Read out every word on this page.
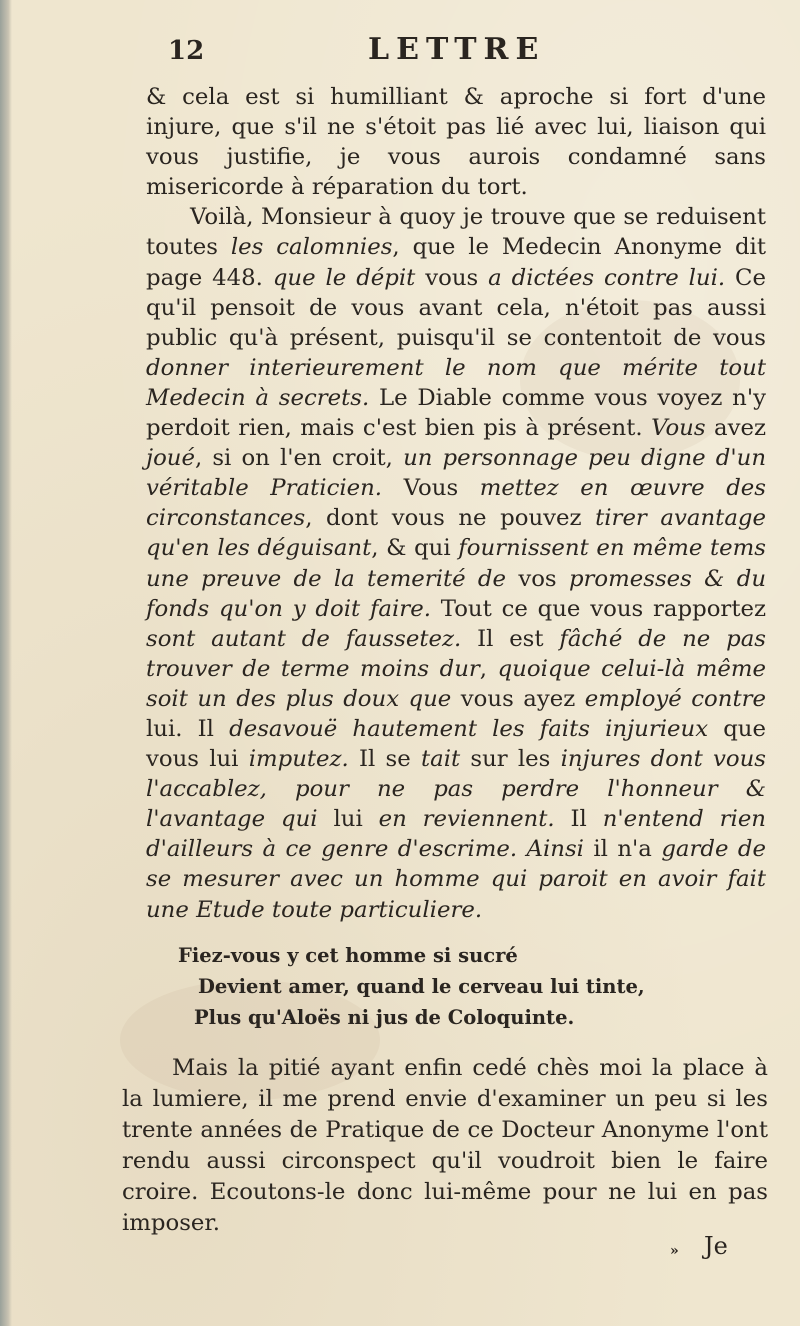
12	LETTRE

& cela est si humilliant & aproche si fort d'une injure, que s'il ne s'étoit pas lié avec lui, liaison qui vous justifie, je vous aurois condamné sans misericorde à réparation du tort.

Voilà, Monsieur à quoy je trouve que se reduisent toutes les calomnies, que le Medecin Anonyme dit page 448. que le dépit vous a dictées contre lui. Ce qu'il pensoit de vous avant cela, n'étoit pas aussi public qu'à présent, puisqu'il se contentoit de vous donner interieurement le nom que mérite tout Medecin à secrets. Le Diable comme vous voyez n'y perdoit rien, mais c'est bien pis à présent. Vous avez joué, si on l'en croit, un personnage peu digne d'un véritable Praticien. Vous mettez en œuvre des circonstances, dont vous ne pouvez tirer avantage qu'en les déguisant, & qui fournissent en même tems une preuve de la temerité de vos promesses & du fonds qu'on y doit faire. Tout ce que vous rapportez sont autant de faussetez. Il est fâché de ne pas trouver de terme moins dur, quoique celui-là même soit un des plus doux que vous ayez employé contre lui. Il desavouë hautement les faits injurieux que vous lui imputez. Il se tait sur les injures dont vous l'accablez, pour ne pas perdre l'honneur & l'avantage qui lui en reviennent. Il n'entend rien d'ailleurs à ce genre d'escrime. Ainsi il n'a garde de se mesurer avec un homme qui paroit en avoir fait une Etude toute particuliere.

Fiez-vous y cet homme si sucré
Devient amer, quand le cerveau lui tinte,
Plus qu'Aloës ni jus de Coloquinte.

Mais la pitié ayant enfin cedé chès moi la place à la lumiere, il me prend envie d'examiner un peu si les trente années de Pratique de ce Docteur Anonyme l'ont rendu aussi circonspect qu'il voudroit bien le faire croire. Ecoutons-le donc lui-même pour ne lui en pas imposer.

» Je
